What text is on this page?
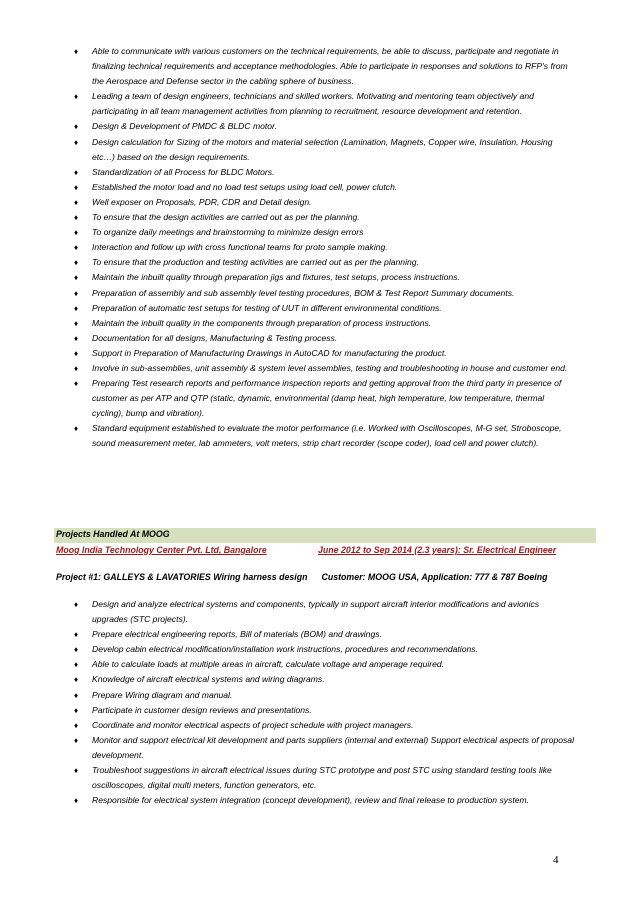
♦ Able to communicate with various customers on the technical requirements, be able to discuss, participate and negotiate in finalizing technical requirements and acceptance methodologies. Able to participate in responses and solutions to RFP's from the Aerospace and Defense sector in the cabling sphere of business.
♦ Leading a team of design engineers, technicians and skilled workers. Motivating and mentoring team objectively and participating in all team management activities from planning to recruitment, resource development and retention.
♦ Design & Development of PMDC & BLDC motor.
♦ Design calculation for Sizing of the motors and material selection (Lamination, Magnets, Copper wire, Insulation, Housing etc…) based on the design requirements.
♦ Standardization of all Process for BLDC Motors.
♦ Established the motor load and no load test setups using load cell, power clutch.
♦ Well exposer on Proposals, PDR, CDR and Detail design.
♦ To ensure that the design activities are carried out as per the planning.
♦ To organize daily meetings and brainstorming to minimize design errors
♦ Interaction and follow up with cross functional teams for proto sample making.
♦ To ensure that the production and testing activities are carried out as per the planning.
♦ Maintain the inbuilt quality through preparation jigs and fixtures, test setups, process instructions.
♦ Preparation of assembly and sub assembly level testing procedures, BOM & Test Report Summary documents.
♦ Preparation of automatic test setups for testing of UUT in different environmental conditions.
♦ Maintain the inbuilt quality in the components through preparation of process instructions.
♦ Documentation for all designs, Manufacturing & Testing process.
♦ Support in Preparation of Manufacturing Drawings in AutoCAD for manufacturing the product.
♦ Involve in sub-assemblies, unit assembly & system level assemblies, testing and troubleshooting in house and customer end.
♦ Preparing Test research reports and performance inspection reports and getting approval from the third party in presence of customer as per ATP and QTP (static, dynamic, environmental (damp heat, high temperature, low temperature, thermal cycling), bump and vibration).
♦ Standard equipment established to evaluate the motor performance (i.e. Worked with Oscilloscopes, M-G set, Stroboscope, sound measurement meter, lab ammeters, volt meters, strip chart recorder (scope coder), load cell and power clutch).
Projects Handled At MOOG
Moog India Technology Center Pvt. Ltd, Bangalore	June 2012 to Sep 2014 (2.3 years): Sr. Electrical Engineer
Project #1: GALLEYS & LAVATORIES Wiring harness design Customer: MOOG USA, Application: 777 & 787 Boeing
♦ Design and analyze electrical systems and components, typically in support aircraft interior modifications and avionics upgrades (STC projects).
♦ Prepare electrical engineering reports, Bill of materials (BOM) and drawings.
♦ Develop cabin electrical modification/installation work instructions, procedures and recommendations.
♦ Able to calculate loads at multiple areas in aircraft, calculate voltage and amperage required.
♦ Knowledge of aircraft electrical systems and wiring diagrams.
♦ Prepare Wiring diagram and manual.
♦ Participate in customer design reviews and presentations.
♦ Coordinate and monitor electrical aspects of project schedule with project managers.
♦ Monitor and support electrical kit development and parts suppliers (internal and external) Support electrical aspects of proposal development.
♦ Troubleshoot suggestions in aircraft electrical issues during STC prototype and post STC using standard testing tools like oscilloscopes, digital multi meters, function generators, etc.
♦ Responsible for electrical system integration (concept development), review and final release to production system.
4
